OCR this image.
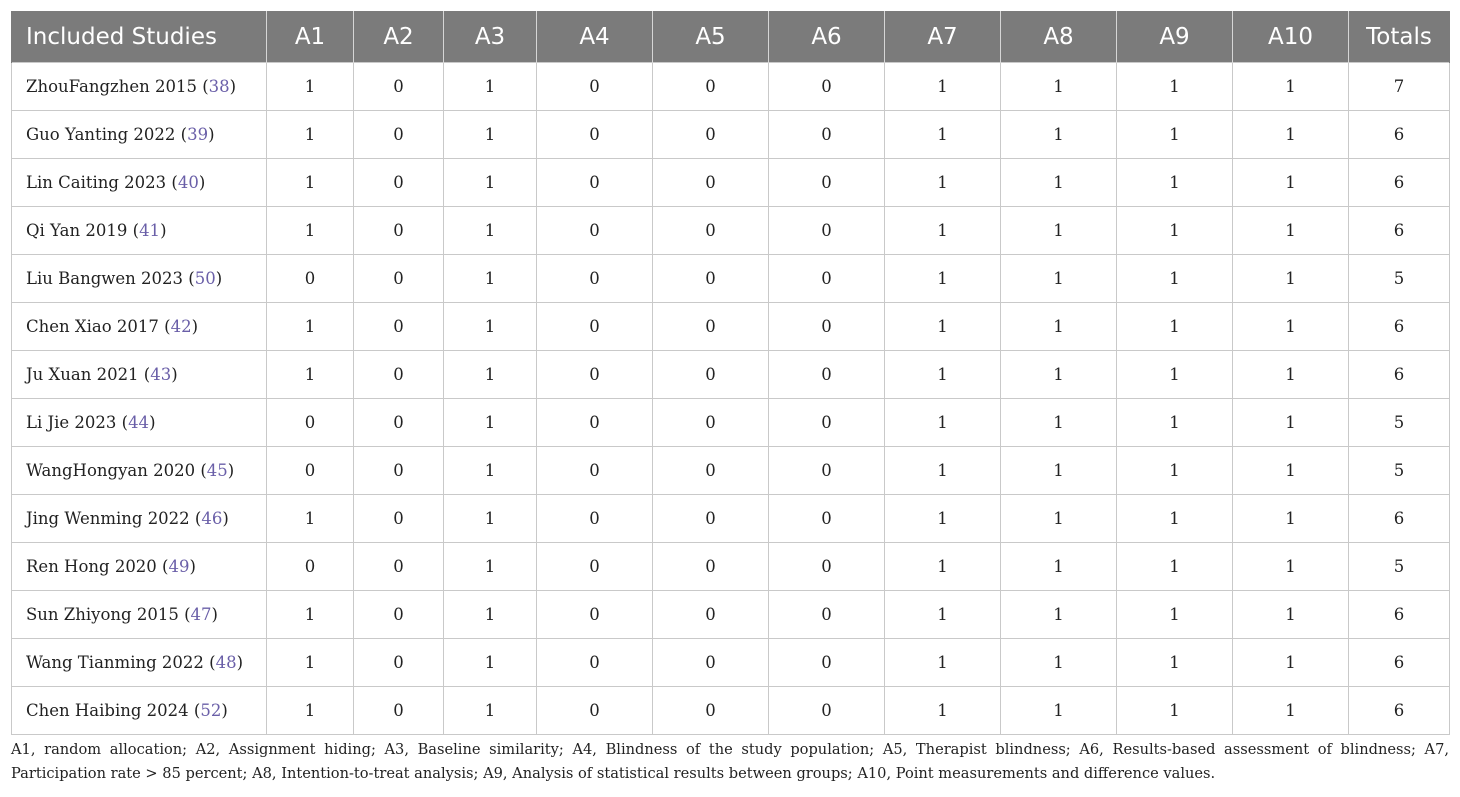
Included Studies	A1	A2	A3	A4	A5	A6	A7	A8	A9	A10	Totals
ZhouFangzhen 2015 (38)	1	0	1	0	0	0	1	1	1	1	7
Guo Yanting 2022 (39)	1	0	1	0	0	0	1	1	1	1	6
Lin Caiting 2023 (40)	1	0	1	0	0	0	1	1	1	1	6
Qi Yan 2019 (41)	1	0	1	0	0	0	1	1	1	1	6
Liu Bangwen 2023 (50)	0	0	1	0	0	0	1	1	1	1	5
Chen Xiao 2017 (42)	1	0	1	0	0	0	1	1	1	1	6
Ju Xuan 2021 (43)	1	0	1	0	0	0	1	1	1	1	6
Li Jie 2023 (44)	0	0	1	0	0	0	1	1	1	1	5
WangHongyan 2020 (45)	0	0	1	0	0	0	1	1	1	1	5
Jing Wenming 2022 (46)	1	0	1	0	0	0	1	1	1	1	6
Ren Hong 2020 (49)	0	0	1	0	0	0	1	1	1	1	5
Sun Zhiyong 2015 (47)	1	0	1	0	0	0	1	1	1	1	6
Wang Tianming 2022 (48)	1	0	1	0	0	0	1	1	1	1	6
Chen Haibing 2024 (52)	1	0	1	0	0	0	1	1	1	1	6
A1, random allocation; A2, Assignment hiding; A3, Baseline similarity; A4, Blindness of the study population; A5, Therapist blindness; A6, Results-based assessment of blindness; A7, Participation rate > 85 percent; A8, Intention-to-treat analysis; A9, Analysis of statistical results between groups; A10, Point measurements and difference values.
